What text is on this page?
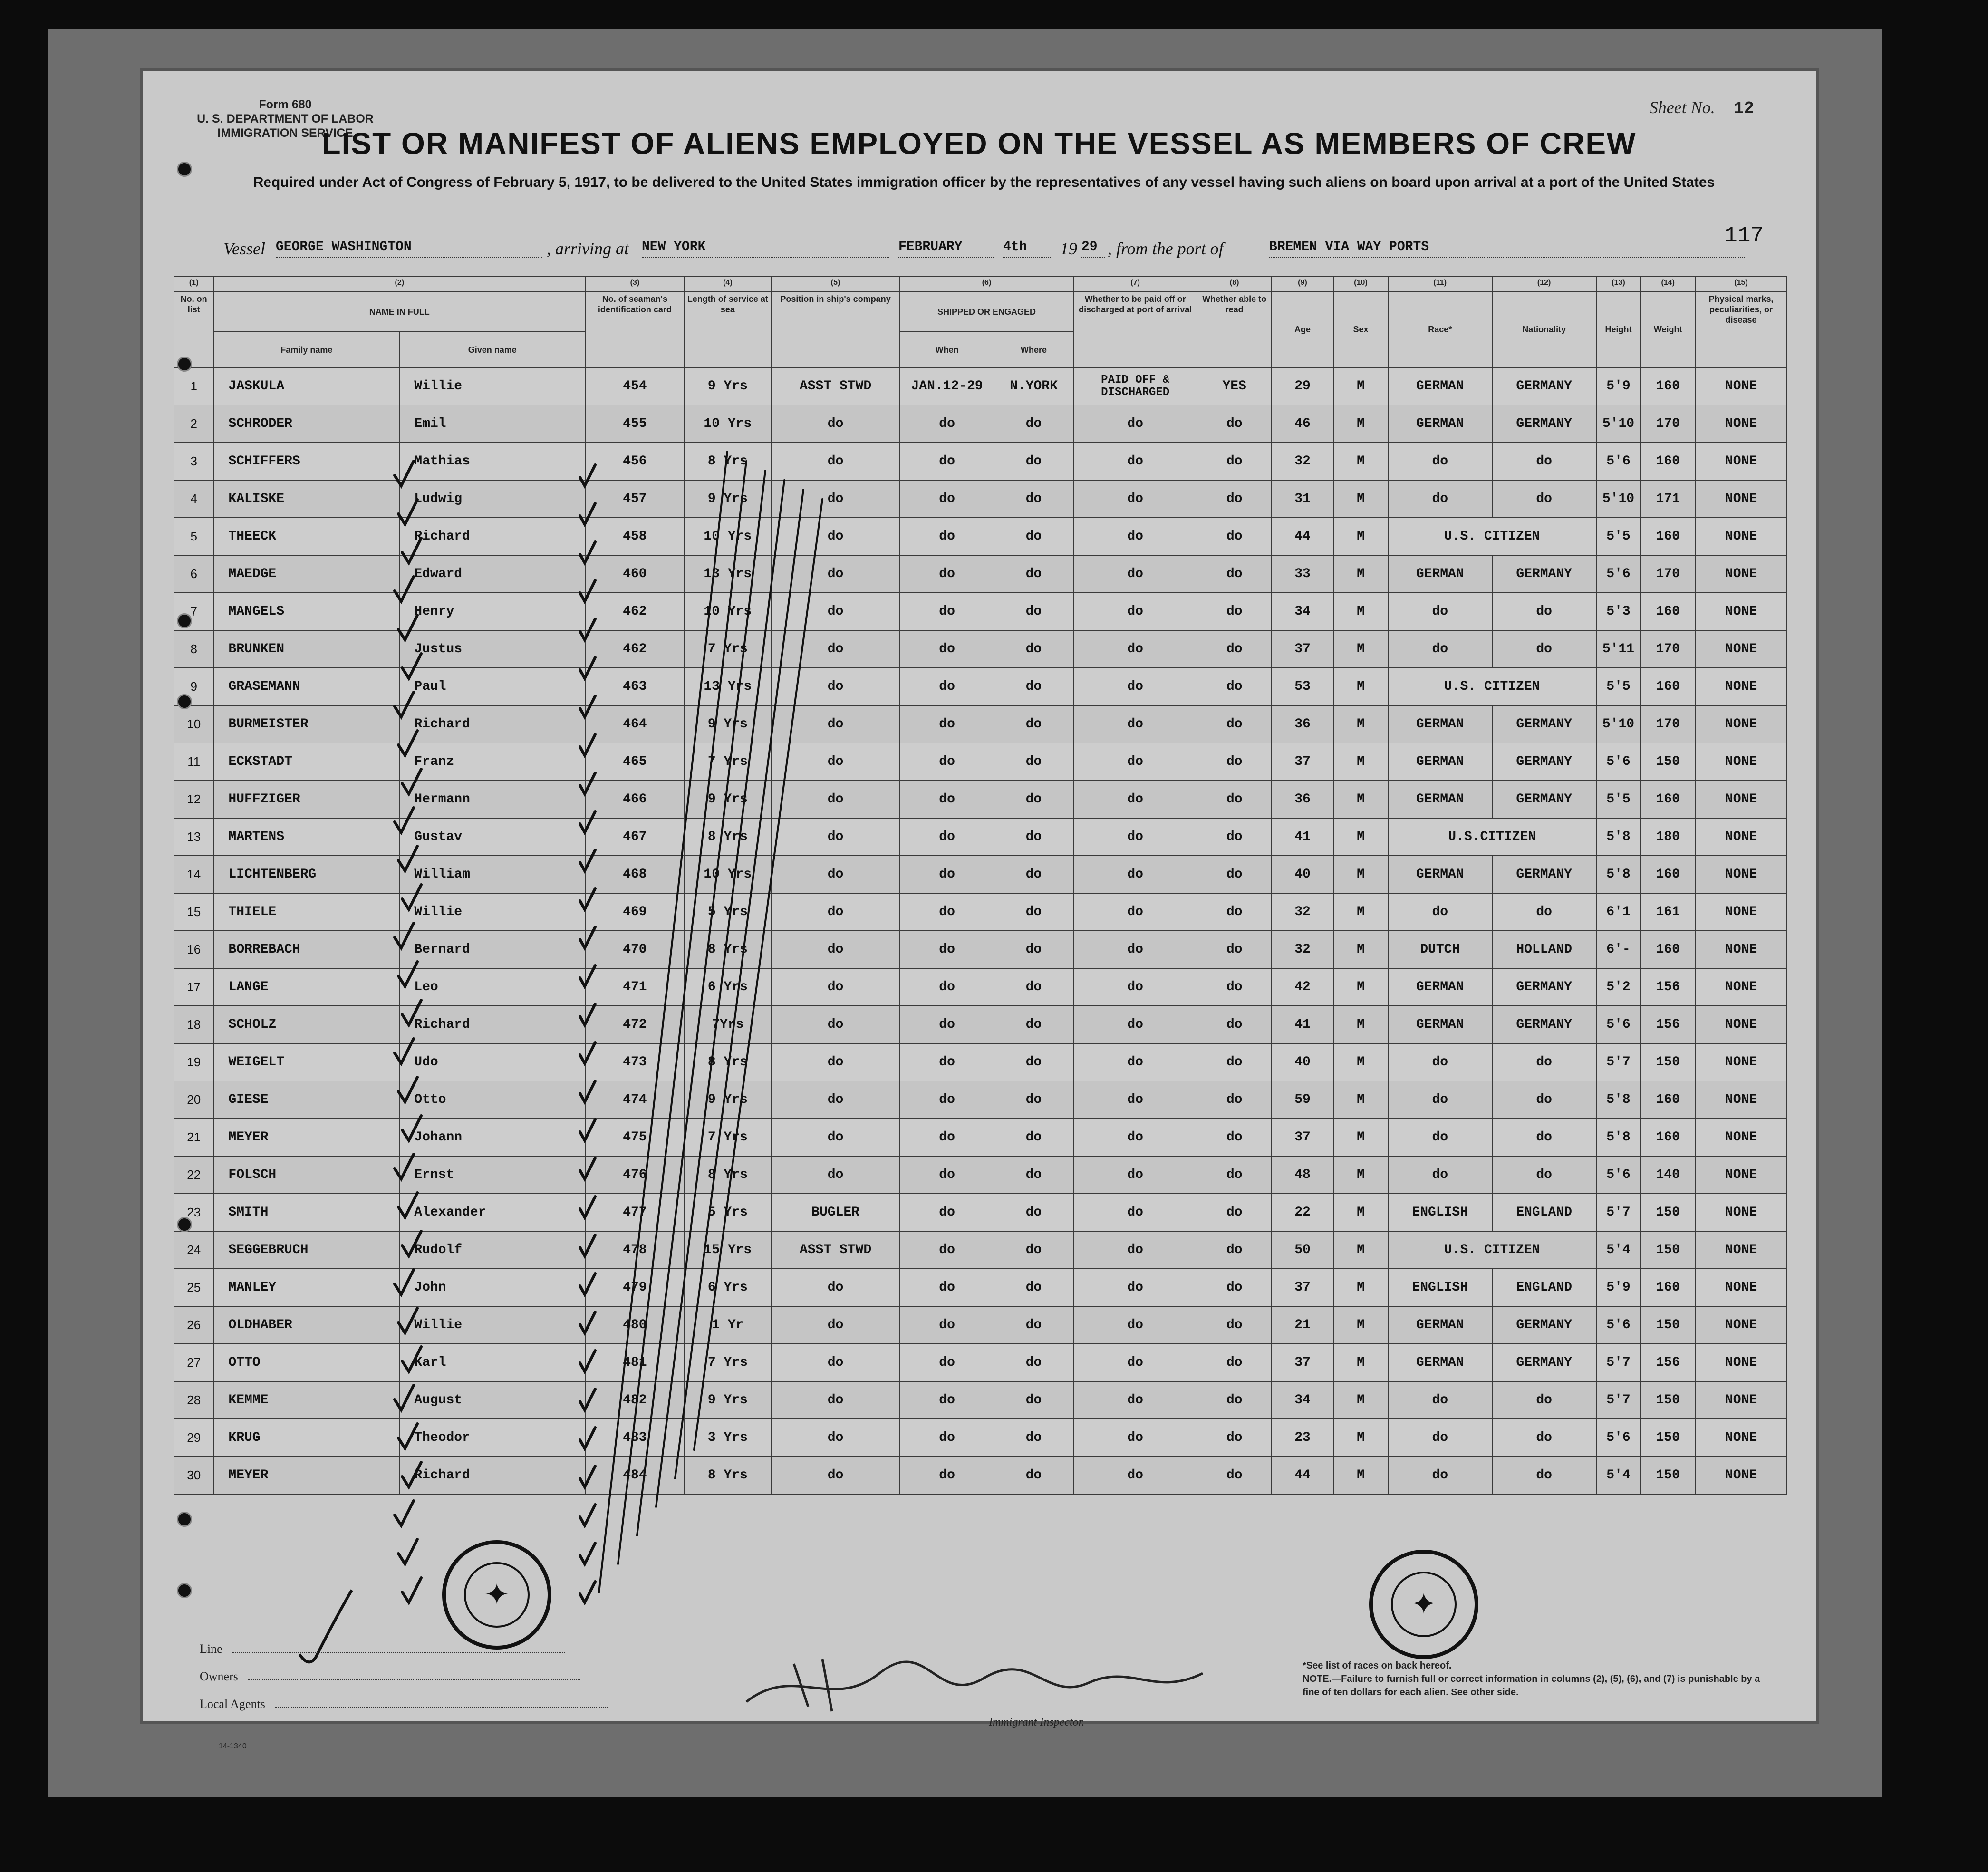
Form 680
U. S. DEPARTMENT OF LABOR
IMMIGRATION SERVICE
Sheet No. 12
LIST OR MANIFEST OF ALIENS EMPLOYED ON THE VESSEL AS MEMBERS OF CREW
Required under Act of Congress of February 5, 1917, to be delivered to the United States immigration officer by the representatives of any vessel having such aliens on board upon arrival at a port of the United States
117
Vessel GEORGE WASHINGTON	, arriving at NEW YORK	FEBRUARY	4th	19 29 , from the port of	BREMEN VIA WAY PORTS
(1)	(2)		(3)	(4)	(5)	(6)		(7)	(8)	(9)	(10)	(11)	(12)	(13)	(14)	(15)
No. on list	NAME IN FULL		No. of seaman's identification card	Length of service at sea	Position in ship's company	SHIPPED OR ENGAGED		Whether to be paid off or discharged at port of arrival	Whether able to read	Age	Sex	Race*	Nationality	Height	Weight	Physical marks, peculiarities, or disease
	Family name	Given name				When	Where									
1	JASKULA	Willie	454	9 Yrs	ASST STWD	JAN.12-29	N.YORK	PAID OFF & DISCHARGED	YES	29	M	GERMAN	GERMANY	5'9	160	NONE
2	SCHRODER	Emil	455	10 Yrs	do	do	do	do	do	46	M	GERMAN	GERMANY	5'10	170	NONE
3	SCHIFFERS	Mathias	456	8 Yrs	do	do	do	do	do	32	M	do	do	5'6	160	NONE
4	KALISKE	Ludwig	457	9 Yrs	do	do	do	do	do	31	M	do	do	5'10	171	NONE
5	THEECK	Richard	458	10 Yrs	do	do	do	do	do	44	M	U.S. CITIZEN		5'5	160	NONE
6	MAEDGE	Edward	460	13 Yrs	do	do	do	do	do	33	M	GERMAN	GERMANY	5'6	170	NONE
7	MANGELS	Henry	462	10 Yrs	do	do	do	do	do	34	M	do	do	5'3	160	NONE
8	BRUNKEN	Justus	462	7 Yrs	do	do	do	do	do	37	M	do	do	5'11	170	NONE
9	GRASEMANN	Paul	463	13 Yrs	do	do	do	do	do	53	M	U.S. CITIZEN		5'5	160	NONE
10	BURMEISTER	Richard	464	9 Yrs	do	do	do	do	do	36	M	GERMAN	GERMANY	5'10	170	NONE
11	ECKSTADT	Franz	465	7 Yrs	do	do	do	do	do	37	M	GERMAN	GERMANY	5'6	150	NONE
12	HUFFZIGER	Hermann	466	9 Yrs	do	do	do	do	do	36	M	GERMAN	GERMANY	5'5	160	NONE
13	MARTENS	Gustav	467	8 Yrs	do	do	do	do	do	41	M	U.S.CITIZEN		5'8	180	NONE
14	LICHTENBERG	William	468	10 Yrs	do	do	do	do	do	40	M	GERMAN	GERMANY	5'8	160	NONE
15	THIELE	Willie	469	5 Yrs	do	do	do	do	do	32	M	do	do	6'1	161	NONE
16	BORREBACH	Bernard	470	8 Yrs	do	do	do	do	do	32	M	DUTCH	HOLLAND	6'-	160	NONE
17	LANGE	Leo	471	6 Yrs	do	do	do	do	do	42	M	GERMAN	GERMANY	5'2	156	NONE
18	SCHOLZ	Richard	472	7Yrs	do	do	do	do	do	41	M	GERMAN	GERMANY	5'6	156	NONE
19	WEIGELT	Udo	473	8 Yrs	do	do	do	do	do	40	M	do	do	5'7	150	NONE
20	GIESE	Otto	474	9 Yrs	do	do	do	do	do	59	M	do	do	5'8	160	NONE
21	MEYER	Johann	475	7 Yrs	do	do	do	do	do	37	M	do	do	5'8	160	NONE
22	FOLSCH	Ernst	476	8 Yrs	do	do	do	do	do	48	M	do	do	5'6	140	NONE
23	SMITH	Alexander	477	5 Yrs	BUGLER	do	do	do	do	22	M	ENGLISH	ENGLAND	5'7	150	NONE
24	SEGGEBRUCH	Rudolf	478	15 Yrs	ASST STWD	do	do	do	do	50	M	U.S. CITIZEN		5'4	150	NONE
25	MANLEY	John	479	6 Yrs	do	do	do	do	do	37	M	ENGLISH	ENGLAND	5'9	160	NONE
26	OLDHABER	Willie	480	1 Yr	do	do	do	do	do	21	M	GERMAN	GERMANY	5'6	150	NONE
27	OTTO	Karl	481	7 Yrs	do	do	do	do	do	37	M	GERMAN	GERMANY	5'7	156	NONE
28	KEMME	August	482	9 Yrs	do	do	do	do	do	34	M	do	do	5'7	150	NONE
29	KRUG	Theodor	483	3 Yrs	do	do	do	do	do	23	M	do	do	5'6	150	NONE
30	MEYER	Richard	484	8 Yrs	do	do	do	do	do	44	M	do	do	5'4	150	NONE
✦	✦
Line
Owners
Local Agents
14-1340
Immigrant Inspector.
*See list of races on back hereof.
NOTE.—Failure to furnish full or correct information in columns (2), (5), (6), and (7) is punishable by a fine of ten dollars for each alien. See other side.
